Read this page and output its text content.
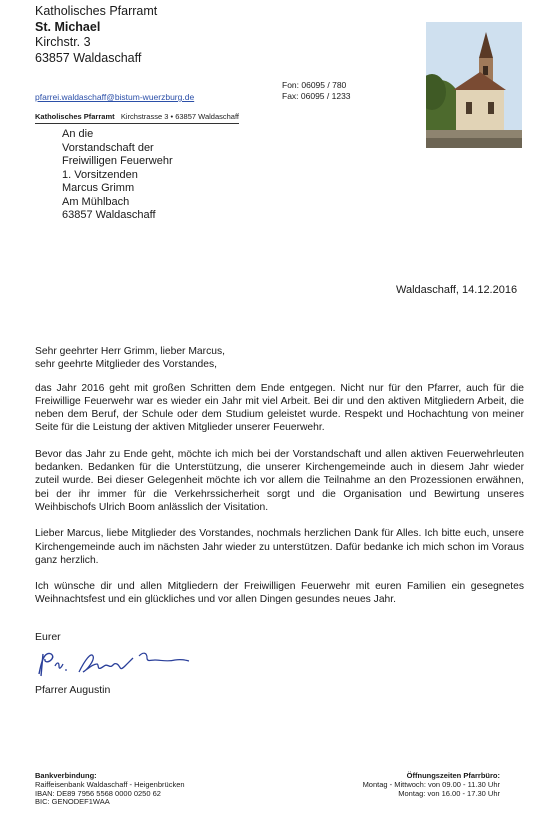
Katholisches Pfarramt
St. Michael
Kirchstr. 3
63857 Waldaschaff
pfarrei.waldaschaff@bistum-wuerzburg.de
Fon: 06095 / 780
Fax: 06095 / 1233
Katholisches Pfarramt Kirchstrasse 3 • 63857 Waldaschaff
An die
Vorstandschaft der
Freiwilligen Feuerwehr
1. Vorsitzenden
Marcus Grimm
Am Mühlbach
63857 Waldaschaff
Waldaschaff, 14.12.2016

Sehr geehrter Herr Grimm, lieber Marcus,
sehr geehrte Mitglieder des Vorstandes,

das Jahr 2016 geht mit großen Schritten dem Ende entgegen. Nicht nur für den Pfarrer, auch für die Freiwillige Feuerwehr war es wieder ein Jahr mit viel Arbeit. Bei dir und den aktiven Mitgliedern Arbeit, die neben dem Beruf, der Schule oder dem Studium geleistet wurde. Respekt und Hochachtung von meiner Seite für die Leistung der aktiven Mitglieder unserer Feuerwehr.

Bevor das Jahr zu Ende geht, möchte ich mich bei der Vorstandschaft und allen aktiven Feuerwehrleuten bedanken. Bedanken für die Unterstützung, die unserer Kirchengemeinde auch in diesem Jahr wieder zuteil wurde. Bei dieser Gelegenheit möchte ich vor allem die Teilnahme an den Prozessionen erwähnen, bei der ihr immer für die Verkehrssicherheit sorgt und die Organisation und Bewirtung unseres Weihbischofs Ulrich Boom anlässlich der Visitation.

Lieber Marcus, liebe Mitglieder des Vorstandes, nochmals herzlichen Dank für Alles. Ich bitte euch, unsere Kirchengemeinde auch im nächsten Jahr wieder zu unterstützen. Dafür bedanke ich mich schon im Voraus ganz herzlich.

Ich wünsche dir und allen Mitgliedern der Freiwilligen Feuerwehr mit euren Familien ein gesegnetes Weihnachtsfest und ein glückliches und vor allen Dingen gesundes neues Jahr.

Eurer
Pfarrer Augustin
Bankverbindung:
Raiffeisenbank Waldaschaff - Heigenbrücken
IBAN: DE89 7956 5568 0000 0250 62
BIC: GENODEF1WAA
Öffnungszeiten Pfarrbüro:
Montag - Mittwoch: von 09.00 - 11.30 Uhr
Montag: von 16.00 - 17.30 Uhr
